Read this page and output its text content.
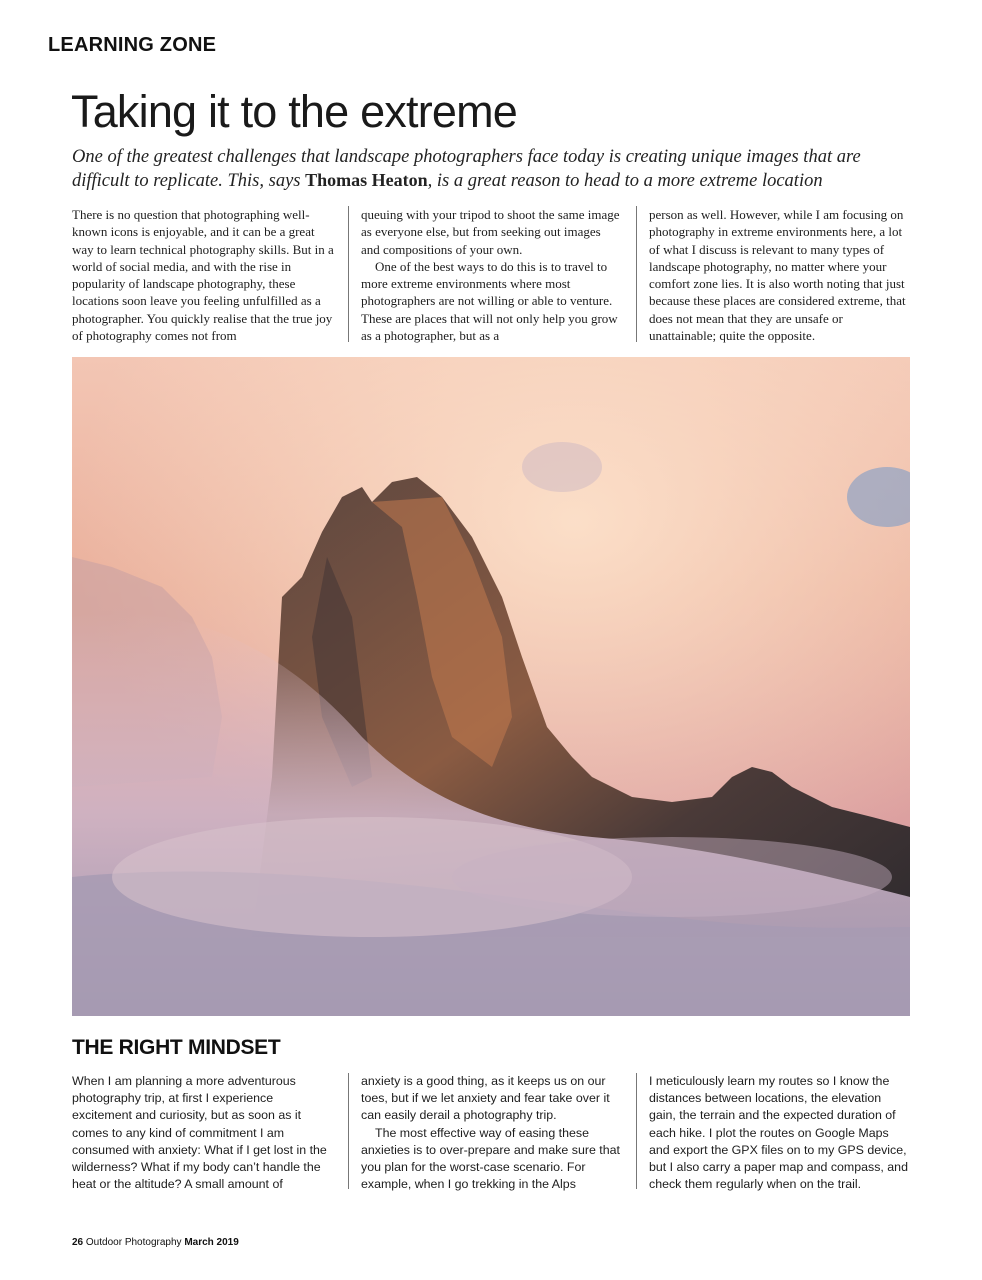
LEARNING ZONE
Taking it to the extreme

One of the greatest challenges that landscape photographers face today is creating unique images that are difficult to replicate. This, says Thomas Heaton, is a great reason to head to a more extreme location

There is no question that photographing well-known icons is enjoyable, and it can be a great way to learn technical photography skills. But in a world of social media, and with the rise in popularity of landscape photography, these locations soon leave you feeling unfulfilled as a photographer. You quickly realise that the true joy of photography comes not from

queuing with your tripod to shoot the same image as everyone else, but from seeking out images and compositions of your own.

One of the best ways to do this is to travel to more extreme environments where most photographers are not willing or able to venture. These are places that will not only help you grow as a photographer, but as a

person as well. However, while I am focusing on photography in extreme environments here, a lot of what I discuss is relevant to many types of landscape photography, no matter where your comfort zone lies. It is also worth noting that just because these places are considered extreme, that does not mean that they are unsafe or unattainable; quite the opposite.

THE RIGHT MINDSET

When I am planning a more adventurous photography trip, at first I experience excitement and curiosity, but as soon as it comes to any kind of commitment I am consumed with anxiety: What if I get lost in the wilderness? What if my body can’t handle the heat or the altitude? A small amount of

anxiety is a good thing, as it keeps us on our toes, but if we let anxiety and fear take over it can easily derail a photography trip.

The most effective way of easing these anxieties is to over-prepare and make sure that you plan for the worst-case scenario. For example, when I go trekking in the Alps

I meticulously learn my routes so I know the distances between locations, the elevation gain, the terrain and the expected duration of each hike. I plot the routes on Google Maps and export the GPX files on to my GPS device, but I also carry a paper map and compass, and check them regularly when on the trail.

26 Outdoor Photography March 2019
